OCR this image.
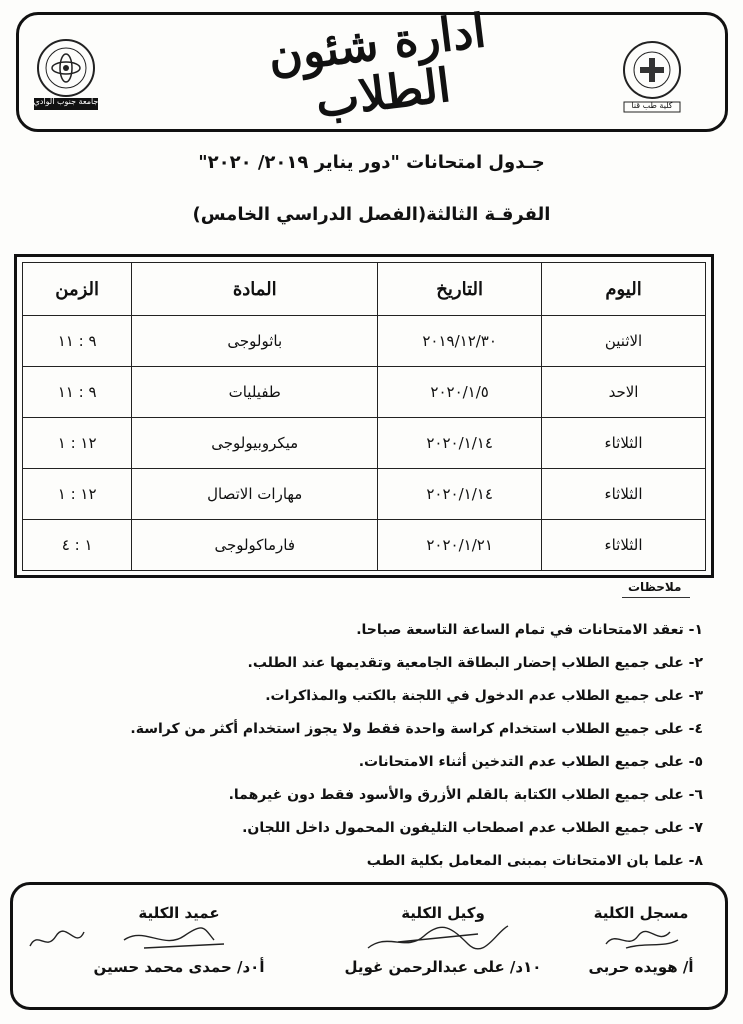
جامعة جنوب الوادي	كلية طب قنا
ادارة شئون الطلاب
جـدول امتحانات "دور يناير ٢٠١٩/ ٢٠٢٠"
الفرقـة الثالثة(الفصل الدراسي الخامس)
اليوم	التاريخ	المادة	الزمن
الاثنين	٢٠١٩/١٢/٣٠	باثولوجى	٩ : ١١
الاحد	٢٠٢٠/١/٥	طفيليات	٩ : ١١
الثلاثاء	٢٠٢٠/١/١٤	ميكروبيولوجى	١٢ : ١
الثلاثاء	٢٠٢٠/١/١٤	مهارات الاتصال	١٢ : ١
الثلاثاء	٢٠٢٠/١/٢١	فارماكولوجى	١ : ٤
ملاحظات
١- تعقد الامتحانات في تمام الساعة التاسعة صباحا.
٢- على جميع الطلاب إحضار البطاقة الجامعية وتقديمها عند الطلب.
٣- على جميع الطلاب عدم الدخول في اللجنة بالكتب والمذاكرات.
٤- على جميع الطلاب استخدام كراسة واحدة فقط ولا يجوز استخدام أكثر من كراسة.
٥- على جميع الطلاب عدم التدخين أثناء الامتحانات.
٦- على جميع الطلاب الكتابة بالقلم الأزرق والأسود فقط دون غيرهما.
٧- على جميع الطلاب عدم اصطحاب التليفون المحمول داخل اللجان.
٨- علما بان الامتحانات بمبنى المعامل بكلية الطب
مسجل الكلية
أ/ هويده حربى
وكيل الكلية
١٠د/ على عبدالرحمن غويل
عميد الكلية
أ٠د/ حمدى محمد حسين
